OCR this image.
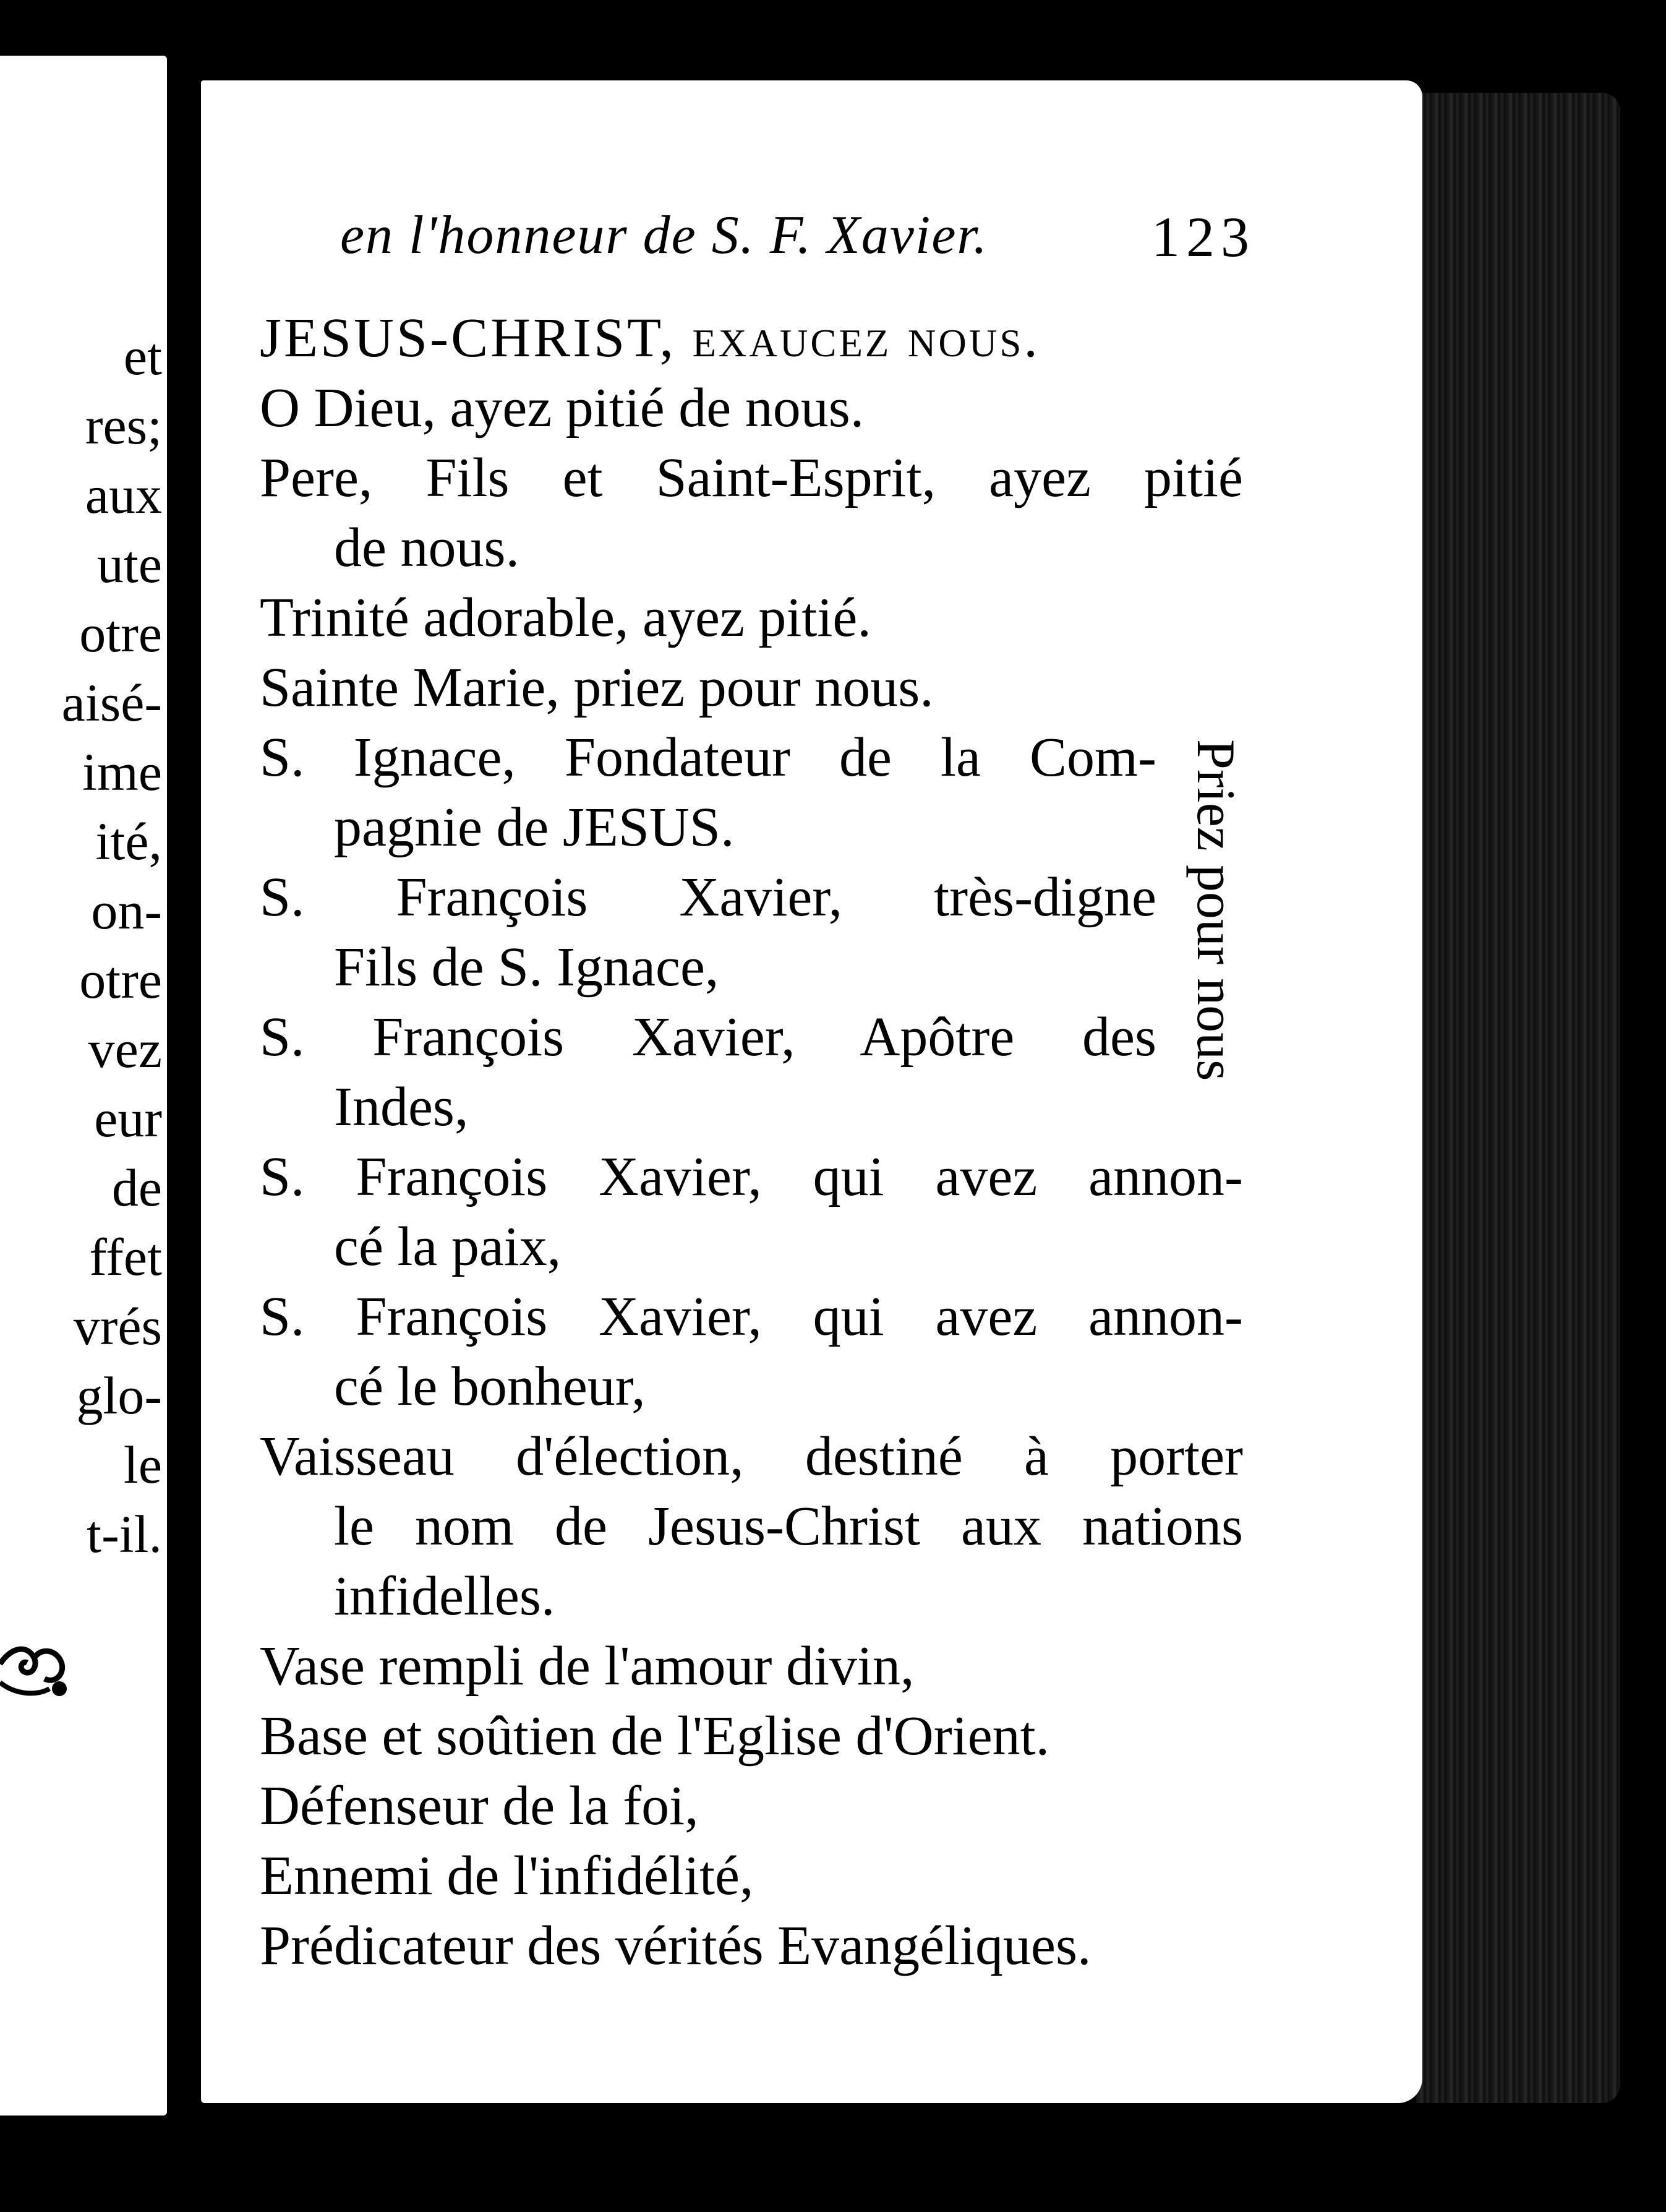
et
res;
aux
ute
otre
aisé-
ime
ité,
on-
otre
vez
eur
de
ffet
vrés
glo-
le
t-il.
en l'honneur de S. F. Xavier.	123
JESUS-CHRIST, exaucez nous.
O Dieu, ayez pitié de nous.
Pere, Fils et Saint-Esprit, ayez pitié
de nous.
Trinité adorable, ayez pitié.
Sainte Marie, priez pour nous.
S. Ignace, Fondateur de la Com-
pagnie de JESUS.
S. François Xavier, très-digne
Fils de S. Ignace,
S. François Xavier, Apôtre des
Indes,
S. François Xavier, qui avez annon-
cé la paix,
S. François Xavier, qui avez annon-
cé le bonheur,
Vaisseau d'élection, destiné à porter
le nom de Jesus-Christ aux nations
infidelles.
Vase rempli de l'amour divin,
Base et soûtien de l'Eglise d'Orient.
Défenseur de la foi,
Ennemi de l'infidélité,
Prédicateur des vérités Evangéliques.
Priez pour nous
